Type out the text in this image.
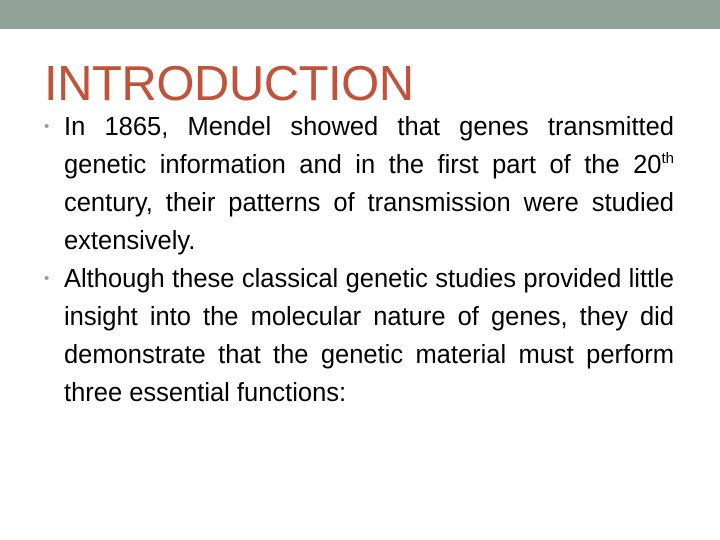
INTRODUCTION
• In 1865, Mendel showed that genes transmitted genetic information and in the first part of the 20th century, their patterns of transmission were studied extensively.
• Although these classical genetic studies provided little insight into the molecular nature of genes, they did demonstrate that the genetic material must perform three essential functions:
